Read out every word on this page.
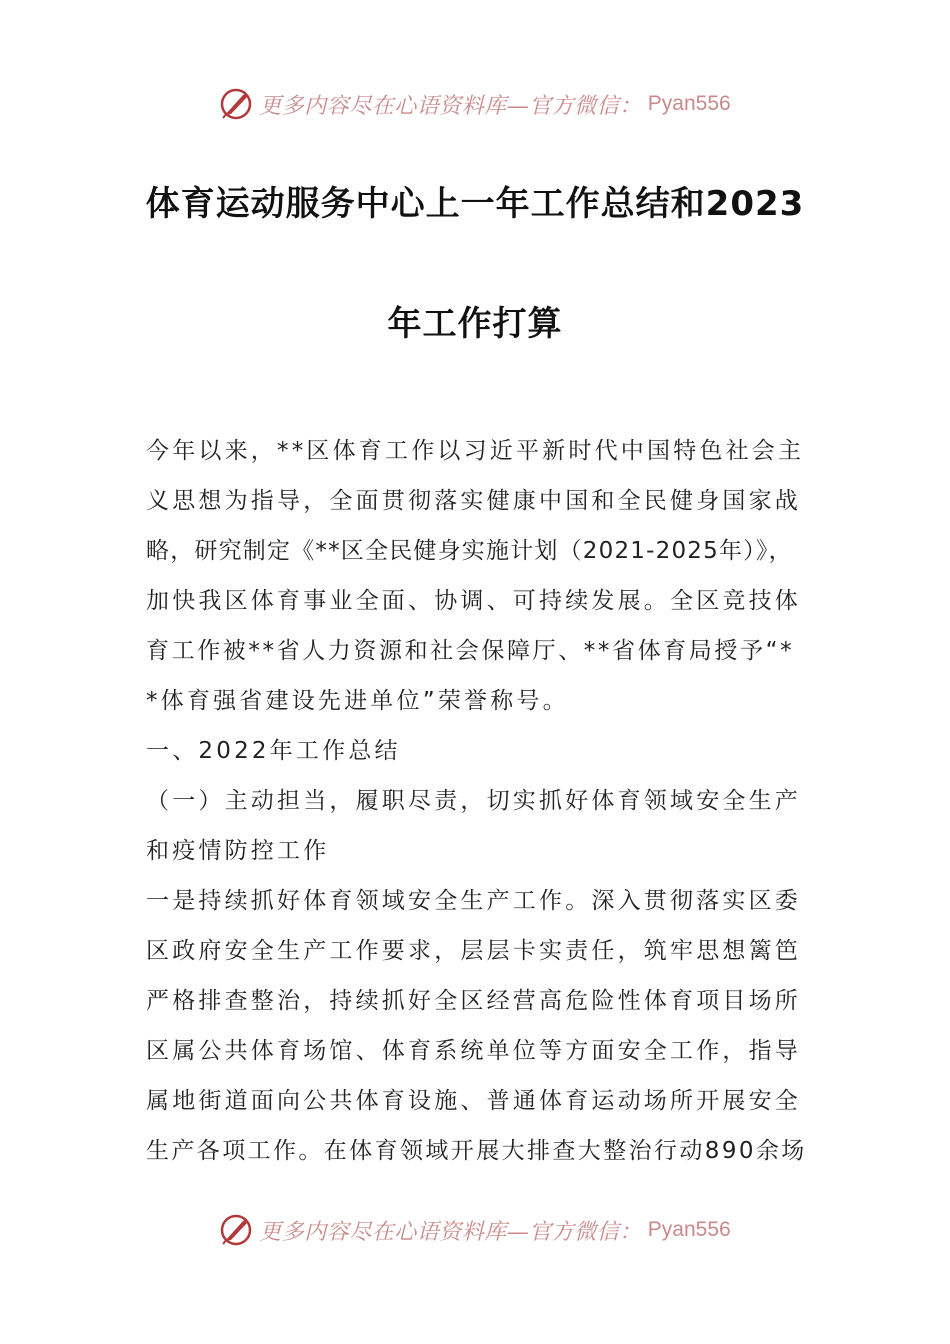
更多内容尽在心语资料库—官方微信： Pyan556
体育运动服务中心上一年工作总结和2023
年工作打算
今年以来，**区体育工作以习近平新时代中国特色社会主
义思想为指导，全面贯彻落实健康中国和全民健身国家战
略，研究制定《**区全民健身实施计划（2021-2025年）》，
加快我区体育事业全面、协调、可持续发展。全区竞技体
育工作被**省人力资源和社会保障厅、**省体育局授予“*
*体育强省建设先进单位”荣誉称号。
一、2022年工作总结
（一）主动担当，履职尽责，切实抓好体育领域安全生产
和疫情防控工作
一是持续抓好体育领域安全生产工作。深入贯彻落实区委
区政府安全生产工作要求，层层卡实责任，筑牢思想篱笆
严格排查整治，持续抓好全区经营高危险性体育项目场所
区属公共体育场馆、体育系统单位等方面安全工作，指导
属地街道面向公共体育设施、普通体育运动场所开展安全
生产各项工作。在体育领域开展大排查大整治行动890余场
更多内容尽在心语资料库—官方微信： Pyan556
